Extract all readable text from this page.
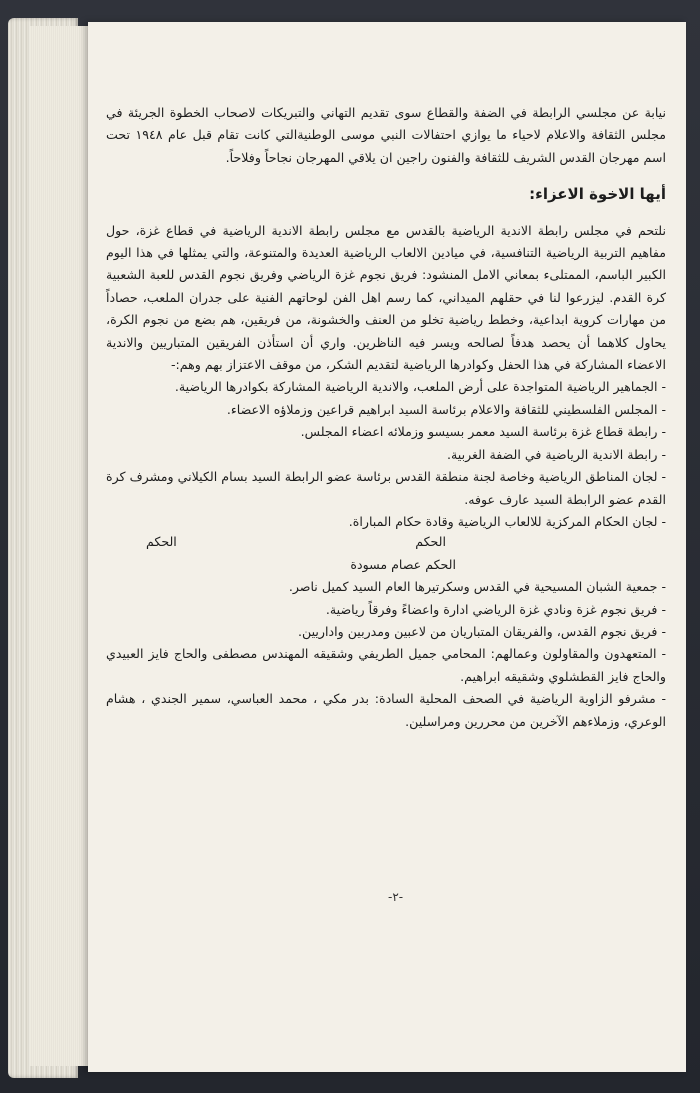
نيابة عن مجلسي الرابطة في الضفة والقطاع سوى تقديم التهاني والتبريكات لاصحاب الخطوة الجريئة في مجلس الثقافة والاعلام لاحياء ما يوازي احتفالات النبي موسى الوطنيةالتي كانت تقام قبل عام ١٩٤٨ تحت اسم مهرجان القدس الشريف للثقافة والفنون راجين ان يلاقي المهرجان نجاحاً وفلاحاً.

أيها الاخوة الاعزاء:

نلتحم في مجلس رابطة الاندية الرياضية بالقدس مع مجلس رابطة الاندية الرياضية في قطاع غزة، حول مفاهيم التربية الرياضية التنافسية، في ميادين الالعاب الرياضية العديدة والمتنوعة، والتي يمثلها في هذا اليوم الكبير الباسم، الممتلىء بمعاني الامل المنشود: فريق نجوم غزة الرياضي وفريق نجوم القدس للعبة الشعبية كرة القدم. ليزرعوا لنا في حقلهم الميداني، كما رسم اهل الفن لوحاتهم الفنية على جدران الملعب، حصاداً من مهارات كروية ابداعية، وخطط رياضية تخلو من العنف والخشونة، من فريقين، هم بضع من نجوم الكرة، يحاول كلاهما أن يحصد هدفاً لصالحه ويسر فيه الناظرين. واري أن استأذن الفريقين المتباريين والاندية الاعضاء المشاركة في هذا الحفل وكوادرها الرياضية لتقديم الشكر، من موقف الاعتزاز بهم وهم:-

- الجماهير الرياضية المتواجدة على أرض الملعب، والاندية الرياضية المشاركة بكوادرها الرياضية.
- المجلس الفلسطيني للثقافة والاعلام برئاسة السيد ابراهيم قراعين وزملاؤه الاعضاء.
- رابطة قطاع غزة برئاسة السيد معمر بسيسو وزملائه اعضاء المجلس.
- رابطة الاندية الرياضية في الضفة الغربية.
- لجان المناطق الرياضية وخاصة لجنة منطقة القدس برئاسة عضو الرابطة السيد بسام الكيلاني ومشرف كرة القدم عضو الرابطة السيد عارف عوفه.
- لجان الحكام المركزية للالعاب الرياضية وقادة حكام المباراة.
الحكم
الحكم

الحكم عصام مسودة

- جمعية الشبان المسيحية في القدس وسكرتيرها العام السيد كميل ناصر.
- فريق نجوم غزة ونادي غزة الرياضي ادارة واعضاءً وفرقاً رياضية.
- فريق نجوم القدس، والفريقان المتباريان من لاعبين ومدربين واداريين.
- المتعهدون والمقاولون وعمالهم: المحامي جميل الطريفي وشقيقه المهندس مصطفى والحاج فايز العبيدي والحاج فايز القطشلوي وشقيقه ابراهيم.
- مشرفو الزاوية الرياضية في الصحف المحلية السادة: بدر مكي ، محمد العباسي، سمير الجندي ، هشام الوعري، وزملاءهم الآخرين من محررين ومراسلين.
-٢-
